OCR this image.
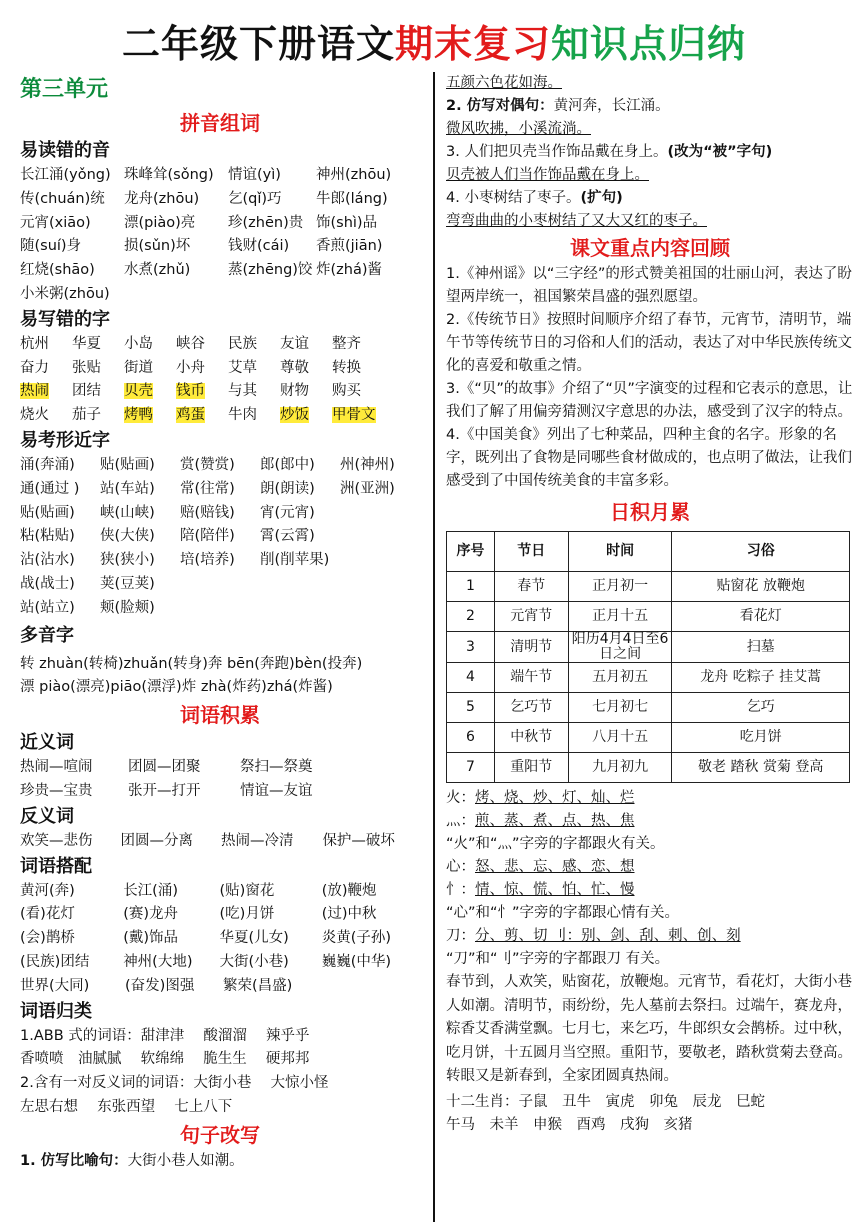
二年级下册语文期末复习知识点归纳
第三单元
拼音组词
易读错的音
长江涌(yǒng) 珠峰耸(sǒng) 情谊(yì)	神州(zhōu)
传(chuán)统	龙舟(zhōu)	乞(qǐ)巧	牛郎(láng)
元宵(xiāo)	漂(piào)亮	珍(zhēn)贵 饰(shì)品
随(suí)身	损(sǔn)坏	钱财(cái)	香煎(jiān)
红烧(shāo)	水煮(zhǔ)	蒸(zhēng)饺 炸(zhá)酱
小米粥(zhōu)
易写错的字
杭州	华夏	小岛	峡谷	民族	友谊	整齐
奋力	张贴	街道	小舟	艾草	尊敬	转换
热闹	团结	贝壳	钱币	与其	财物	购买
烧火	茄子	烤鸭	鸡蛋	牛肉	炒饭	甲骨文
易考形近字
涌(奔涌)	贴(贴画)	赏(赞赏)	郎(郎中)	州(神州)
通(通过 )	站(车站)	常(往常)	朗(朗读)	洲(亚洲)
贴(贴画)	峡(山峡)	赔(赔钱)	宵(元宵)
粘(粘贴)	侠(大侠)	陪(陪伴)	霄(云霄)
沾(沾水)	狭(狭小)	培(培养)	削(削苹果)
战(战士)	荚(豆荚)
站(站立)	颊(脸颊)
多音字
转 zhuàn(转椅)zhuǎn(转身)奔 bēn(奔跑)bèn(投奔)
漂 piào(漂亮)piāo(漂浮)炸 zhà(炸药)zhá(炸酱)
词语积累
近义词
热闹—喧闹	团圆—团聚	祭扫—祭奠
珍贵—宝贵	张开—打开	情谊—友谊
反义词
欢笑—悲伤	团圆—分离	热闹—冷清	保护—破坏
词语搭配
黄河(奔)	长江(涌)	(贴)窗花	(放)鞭炮
(看)花灯	(赛)龙舟	(吃)月饼	(过)中秋
(会)鹊桥	(戴)饰品	华夏(儿女)	炎黄(子孙)
(民族)团结	神州(大地)	大街(小巷)	巍巍(中华)
世界(大同)	(奋发)图强	繁荣(昌盛)
词语归类
1.ABB 式的词语：甜津津　 酸溜溜　 辣乎乎
香喷喷　油腻腻　 软绵绵　 脆生生　 硬邦邦
2.含有一对反义词的词语：大街小巷　 大惊小怪
左思右想　 东张西望　 七上八下
句子改写
1. 仿写比喻句： 大街小巷人如潮。
五颜六色花如海。
2. 仿写对偶句：黄河奔，长江涌。
微风吹拂，小溪流淌。
3. 人们把贝壳当作饰品戴在身上。(改为“被”字句)
贝壳被人们当作饰品戴在身上。
4. 小枣树结了枣子。(扩句)
弯弯曲曲的小枣树结了又大又红的枣子。
课文重点内容回顾
1.《神州谣》以“三字经”的形式赞美祖国的壮丽山河，表达了盼望两岸统一，祖国繁荣昌盛的强烈愿望。
2.《传统节日》按照时间顺序介绍了春节，元宵节，清明节，端午节等传统节日的习俗和人们的活动，表达了对中华民族传统文化的喜爱和敬重之情。
3.《“贝”的故事》介绍了“贝”字演变的过程和它表示的意思，让我们了解了用偏旁猜测汉字意思的办法，感受到了汉字的特点。
4.《中国美食》列出了七种菜品，四种主食的名字。形象的名字，既列出了食物是同哪些食材做成的，也点明了做法，让我们感受到了中国传统美食的丰富多彩。
日积月累
序号	节日	时间	习俗
1	春节	正月初一	贴窗花 放鞭炮
2	元宵节	正月十五	看花灯
3	清明节	阳历4月4日至6日之间	扫墓
4	端午节	五月初五	龙舟 吃粽子 挂艾蒿
5	乞巧节	七月初七	乞巧
6	中秋节	八月十五	吃月饼
7	重阳节	九月初九	敬老 踏秋 赏菊 登高
火：烤、烧、炒、灯、灿、烂
灬：煎、蒸、煮、点、热、焦
“火”和“灬”字旁的字都跟火有关。
心：怒、悲、忘、感、恋、想
忄：情、惊、慌、怕、忙、慢
“心”和“忄”字旁的字都跟心情有关。
刀：分、剪、切 刂：别、剑、刮、刺、创、刻
“刀”和“刂”字旁的字都跟刀 有关。
春节到，人欢笑，贴窗花，放鞭炮。元宵节，看花灯，大街小巷人如潮。清明节，雨纷纷，先人墓前去祭扫。过端午，赛龙舟，粽香艾香满堂飘。七月七，来乞巧，牛郎织女会鹊桥。过中秋，吃月饼，十五圆月当空照。重阳节，要敬老，踏秋赏菊去登高。转眼又是新春到，全家团圆真热闹。
十二生肖：子鼠　丑牛　寅虎　卯兔　辰龙　巳蛇
午马　未羊　申猴　酉鸡　戌狗　亥猪
